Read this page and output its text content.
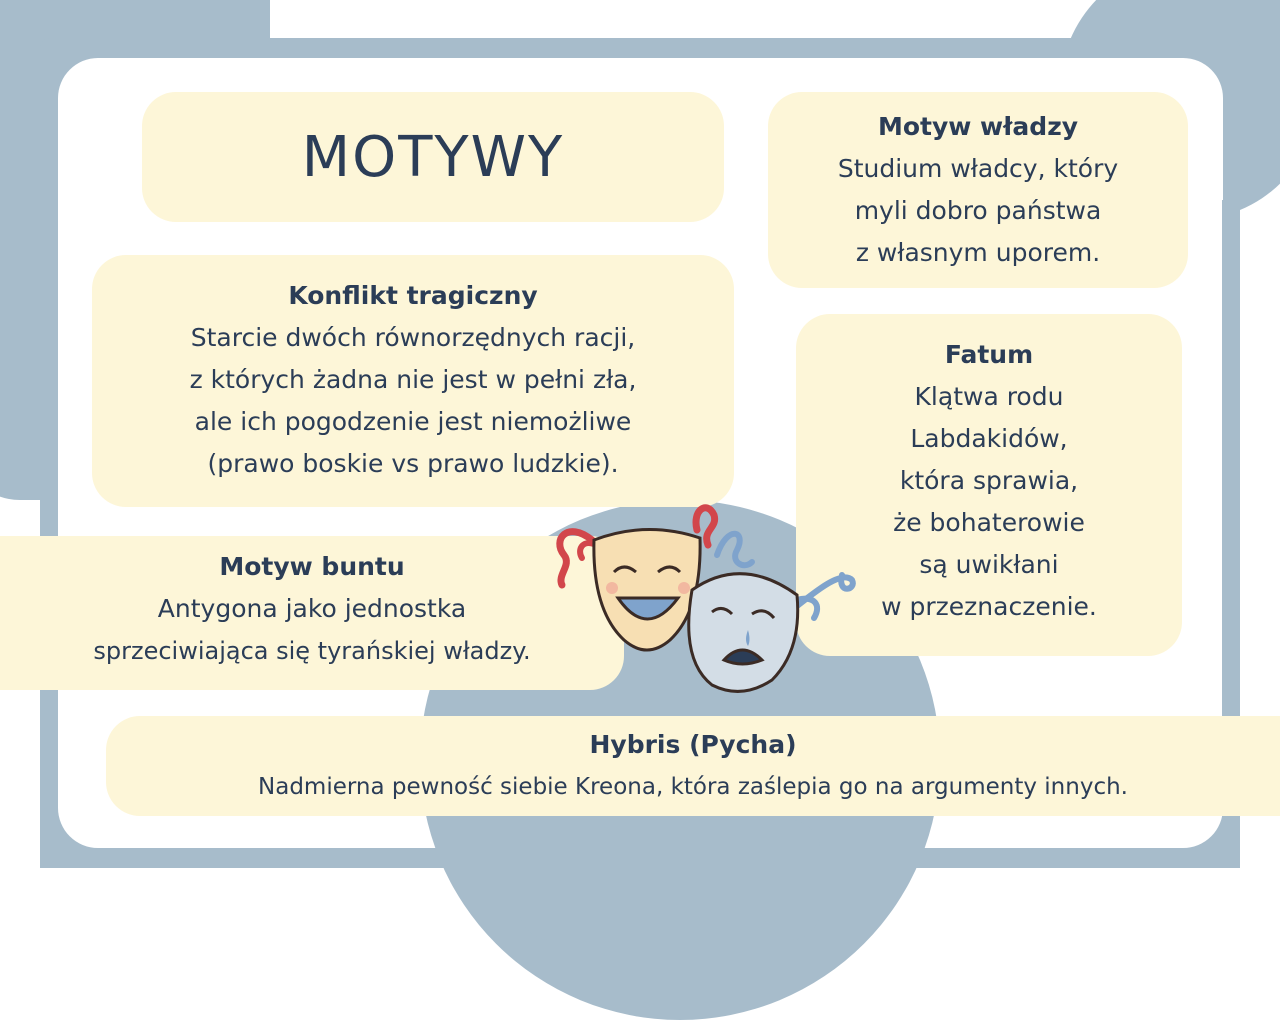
MOTYWY	Motyw władzy
Studium władcy, który
myli dobro państwa
z własnym uporem.
Konflikt tragiczny
Starcie dwóch równorzędnych racji,
z których żadna nie jest w pełni zła,
ale ich pogodzenie jest niemożliwe
(prawo boskie vs prawo ludzkie).
Fatum
Klątwa rodu
Labdakidów,
która sprawia,
że bohaterowie
są uwikłani
w przeznaczenie.
Motyw buntu
Antygona jako jednostka
sprzeciwiająca się tyrańskiej władzy.
Hybris (Pycha)
Nadmierna pewność siebie Kreona, która zaślepia go na argumenty innych.
